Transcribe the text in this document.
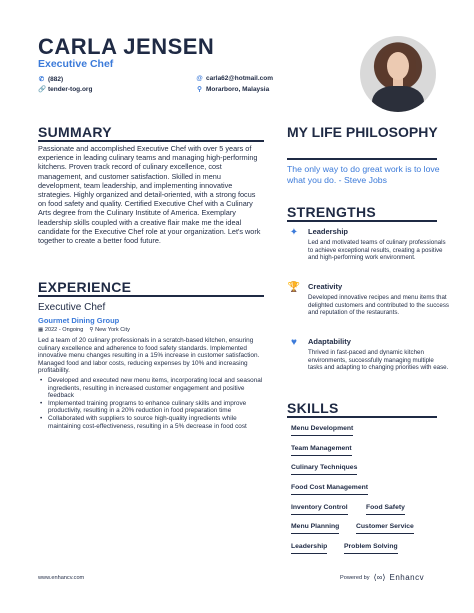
CARLA JENSEN
Executive Chef
✆ (882)	@ carla62@hotmail.com
🔗 tender-tog.org	⚲ Morarboro, Malaysia
SUMMARY
Passionate and accomplished Executive Chef with over 5 years of experience in leading culinary teams and managing high-performing kitchens. Proven track record of culinary excellence, cost management, and customer satisfaction. Skilled in menu development, team leadership, and implementing innovative strategies. Highly organized and detail-oriented, with a strong focus on food safety and quality. Certified Executive Chef with a Culinary Arts degree from the Culinary Institute of America. Exemplary leadership skills coupled with a creative flair make me the ideal candidate for the Executive Chef role at your organization. Let's work together to create a better food future.
EXPERIENCE
Executive Chef
Gourmet Dining Group
▦ 2022 - Ongoing ⚲ New York City
Led a team of 20 culinary professionals in a scratch-based kitchen, ensuring culinary excellence and adherence to food safety standards. Implemented innovative menu changes resulting in a 15% increase in customer satisfaction. Managed food and labor costs, reducing expenses by 10% and increasing profitability.
• Developed and executed new menu items, incorporating local and seasonal ingredients, resulting in increased customer engagement and positive feedback
• Implemented training programs to enhance culinary skills and improve productivity, resulting in a 20% reduction in food preparation time
• Collaborated with suppliers to source high-quality ingredients while maintaining cost-effectiveness, resulting in a 5% decrease in food cost
MY LIFE PHILOSOPHY
The only way to do great work is to love what you do. - Steve Jobs
STRENGTHS
✦	Leadership
Led and motivated teams of culinary professionals to achieve exceptional results, creating a positive and high-performing work environment.
🏆 Creativity
Developed innovative recipes and menu items that delighted customers and contributed to the success and reputation of the restaurants.
♥	Adaptability
Thrived in fast-paced and dynamic kitchen environments, successfully managing multiple tasks and adapting to changing priorities with ease.
SKILLS
Menu Development
Team Management
Culinary Techniques
Food Cost Management
Inventory Control	Food Safety
Menu Planning Customer Service
Leadership Problem Solving
www.enhancv.com	Powered by ⟨∞⟩ Enhancv
